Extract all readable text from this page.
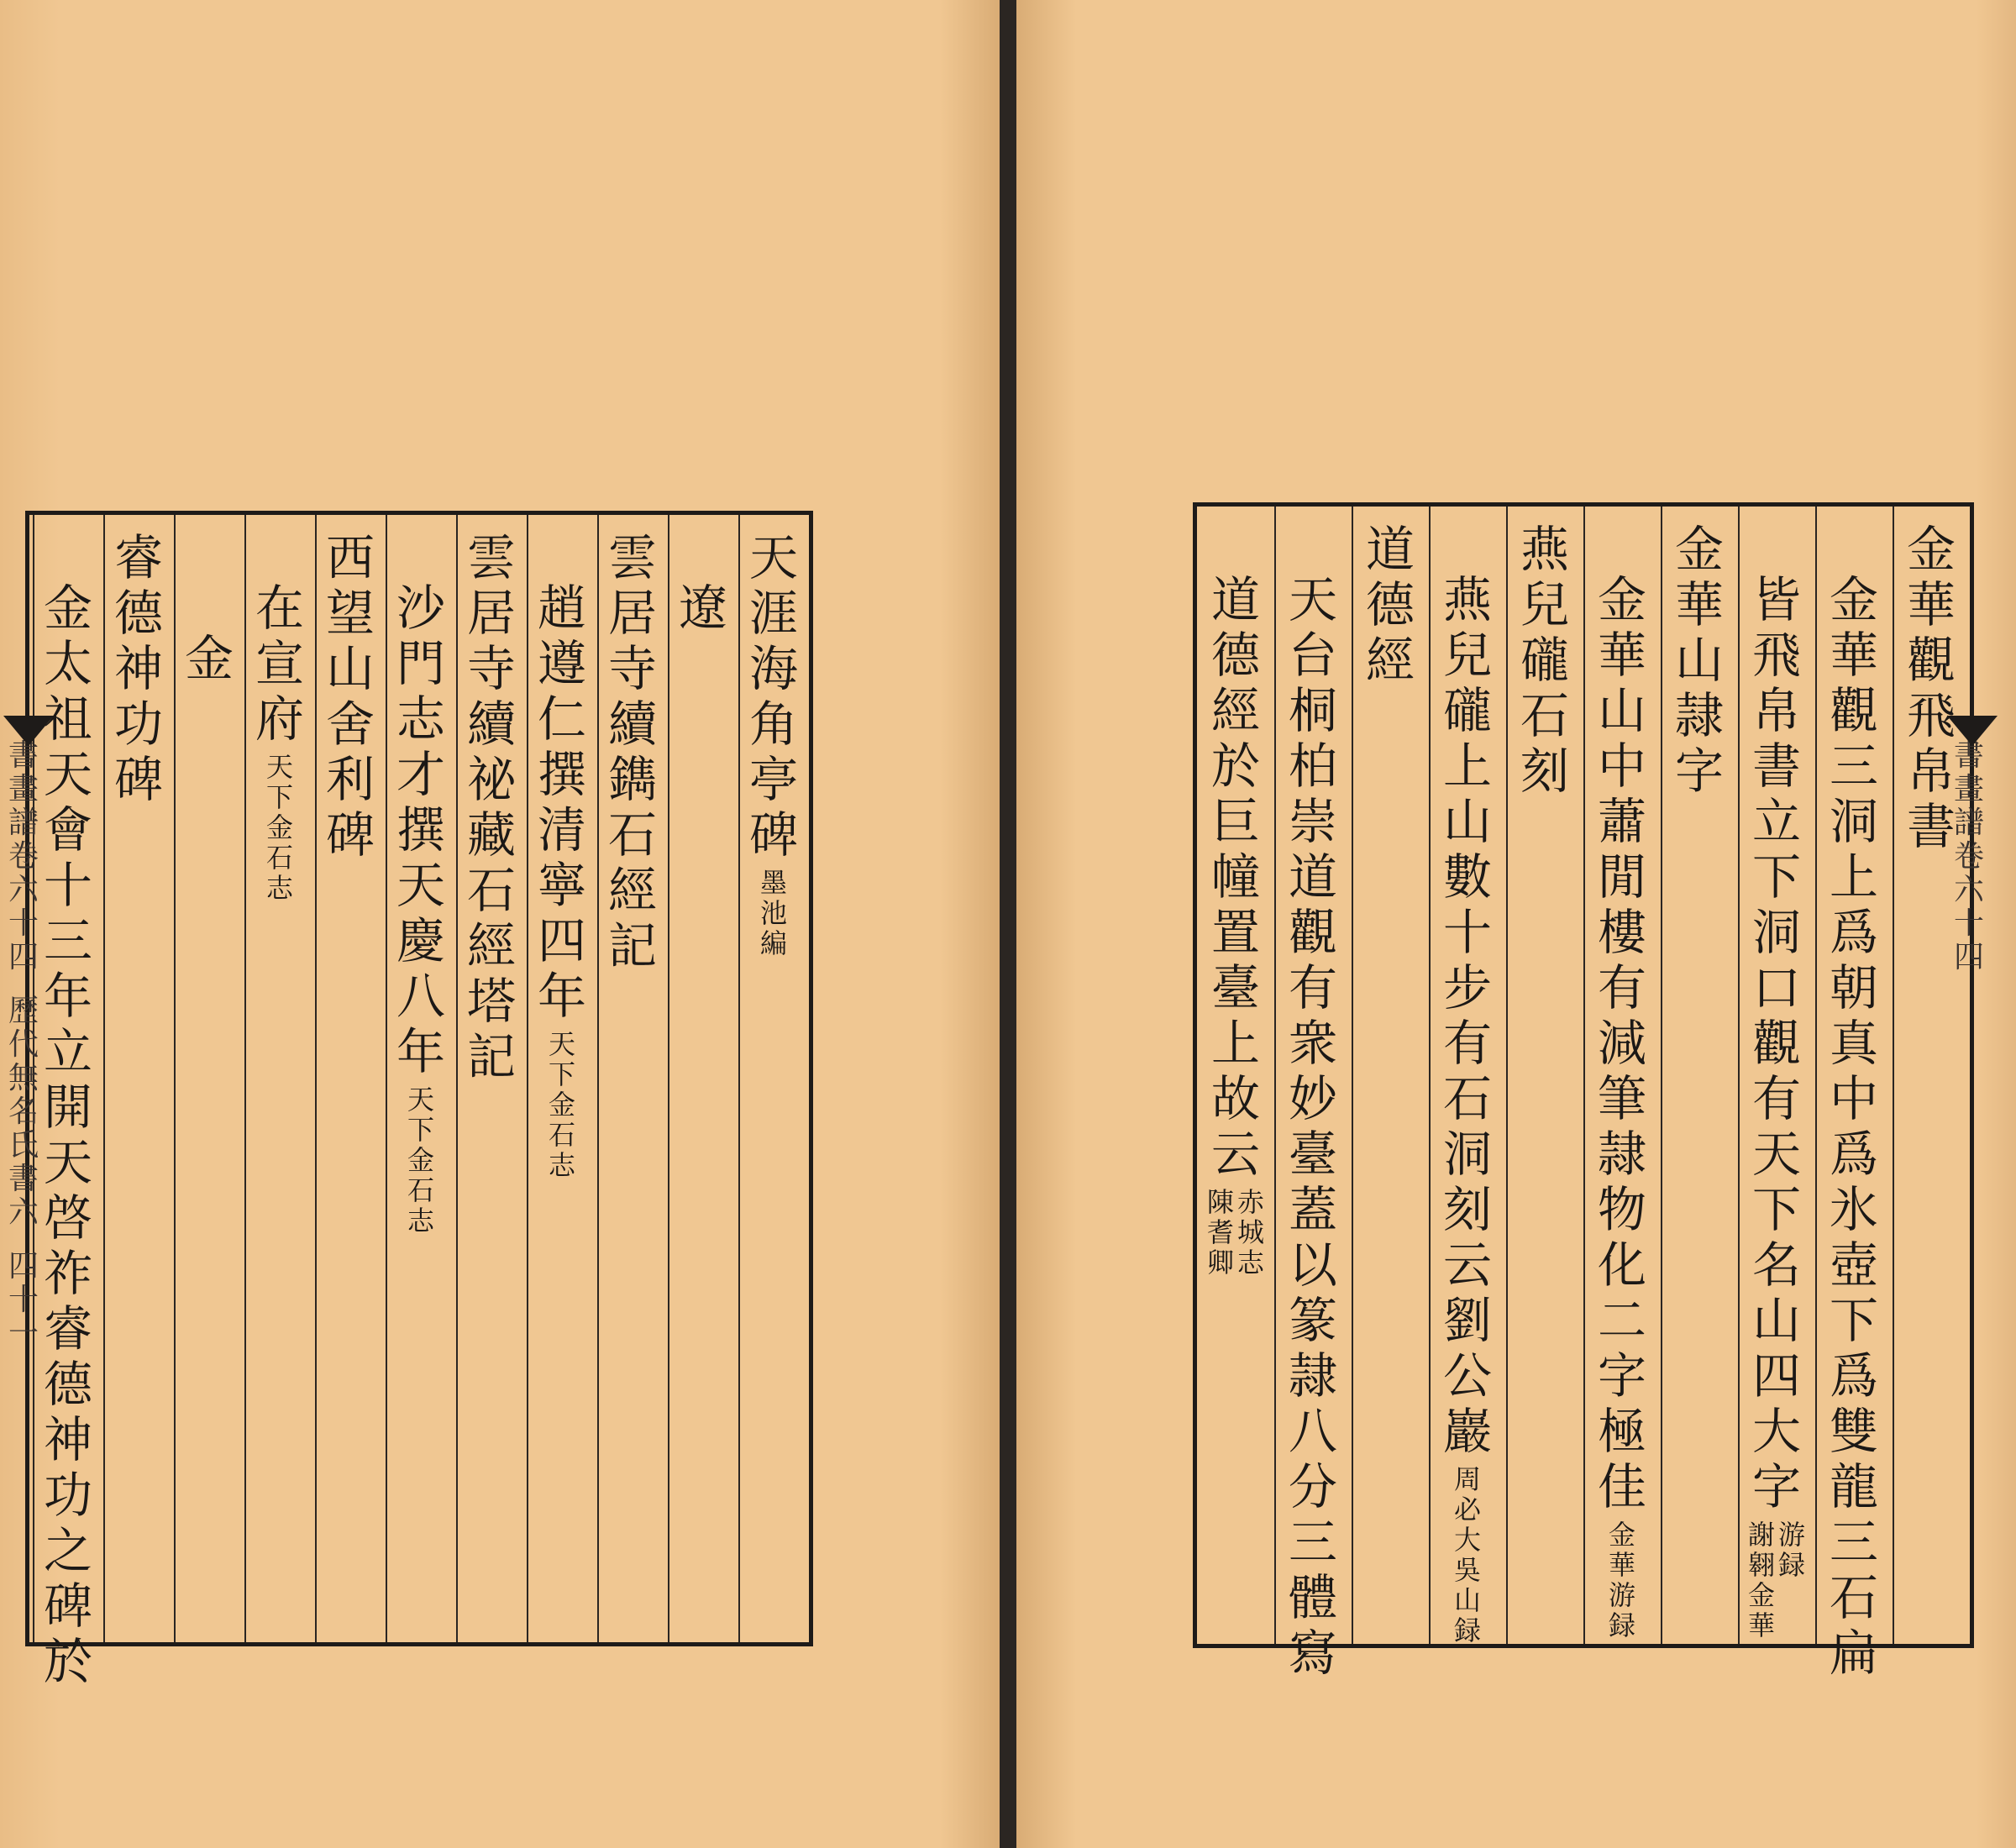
天
涯
海
角
亭
碑
墨
池
編
遼
雲
居
寺
續
鐫
石
經
記
趙
遵
仁
撰
清
寧
四
年
天
下
金
石
志
雲
居
寺
續
祕
藏
石
經
塔
記
沙
門
志
才
撰
天
慶
八
年
天
下
金
石
志
西
望
山
舍
利
碑
在
宣
府
天
下
金
石
志
金
睿
德
神
功
碑
金
太
祖
天
會
十
三
年
立
開
天
啓
祚
睿
德
神
功
之
碑
於
金
華
觀
飛
帛
書
金
華
觀
三
洞
上
爲
朝
真
中
爲
氷
壺
下
爲
雙
龍
三
石
扁
皆
飛
帛
書
立
下
洞
口
觀
有
天
下
名
山
四
大
字
謝
翱
金
華
游
録
金
華
山
隷
字
金
華
山
中
蕭
閒
樓
有
減
筆
隷
物
化
二
字
極
佳
金
華
游
録
燕
兒
礲
石
刻
燕
兒
礲
上
山
數
十
步
有
石
洞
刻
云
劉
公
巖
周
必
大
吳
山
録
道
德
經
天
台
桐
柏
崇
道
觀
有
衆
妙
臺
蓋
以
篆
隷
八
分
三
體
寫
道
德
經
於
巨
幢
置
臺
上
故
云
陳
耆
卿
赤
城
志
書
畫
譜
卷
六
十
四
歷
代
無
名
氏
書
六
四
十
一
書
畫
譜
卷
六
十
四
